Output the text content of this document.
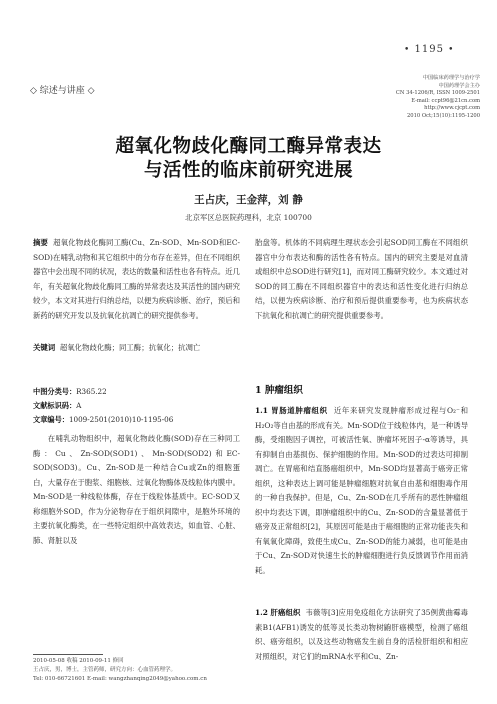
• 1195 •
◇ 综述与讲座 ◇
中国临床药理学与治疗学
中国药理学会主办
CN 34-1206/R, ISSN 1009-2501
E-mail: ccpt96@21cn.com
http://www.cjcpt.com
2010 Oct;15(10):1195-1200
超氧化物歧化酶同工酶异常表达
与活性的临床前研究进展
王占庆，王金萍，刘 静
北京军区总医院药理科，北京 100700
摘要 超氧化物歧化酶同工酶(Cu、Zn-SOD、Mn-SOD和EC-SOD)在哺乳动物和其它组织中的分布存在差异，但在不同组织器官中会出现不同的状况，表达的数量和活性也各有特点。近几年，有关超氧化物歧化酶同工酶的异常表达及其活性的国内研究较少，本文对其进行归纳总结，以便为疾病诊断、治疗，预后和新药的研究开发以及抗氧化抗凋亡的研究提供参考。
关键词 超氧化物歧化酶；同工酶；抗氧化；抗凋亡
中图分类号：R365.22
文献标识码：A
文章编号：1009-2501(2010)10-1195-06
在哺乳动物组织中，超氧化物歧化酶(SOD)存在三种同工酶：Cu、Zn-SOD(SOD1)、Mn-SOD(SOD2)和EC-SOD(SOD3)。Cu、Zn-SOD是一种结合Cu或Zn的细胞蛋白，大量存在于胞浆、细胞核、过氧化物酶体及线粒体内膜中。Mn-SOD是一种线粒体酶，存在于线粒体基质中。EC-SOD又称细胞外SOD，作为分泌物存在于组织间隙中，是胞外环境的主要抗氧化酶类，在一些特定组织中高效表达，如血管、心脏、肺、肾脏以及
2010-05-08 收稿 2010-09-11 修回
王占庆，男，博士，主管药师，研究方向：心血管药理学。
Tel: 010-66721601 E-mail: wangzhanqing2049@yahoo.com.cn
胎盘等。机体的不同病理生理状态会引起SOD同工酶在不同组织器官中分布表达和酶的活性各有特点。国内的研究主要是对血清或组织中总SOD进行研究[1]，而对同工酶研究较少。本文通过对SOD的同工酶在不同组织器官中的表达和活性变化进行归纳总结，以便为疾病诊断、治疗和预后提供重要参考，也为疾病状态下抗氧化和抗凋亡的研究提供重要参考。
1 肿瘤组织
1.1 胃肠道肿瘤组织 近年来研究发现肿瘤形成过程与O₂⁻和H₂O₂等自由基的形成有关。Mn-SOD位于线粒体内，是一种诱导酶，受细胞因子调控，可被活性氧、肿瘤坏死因子-α等诱导，具有抑制自由基损伤、保护细胞的作用。Mn-SOD的过表达可抑制凋亡。在胃癌和结直肠癌组织中，Mn-SOD均显著高于癌旁正常组织，这种表达上调可能是肿瘤细胞对抗氧自由基和细胞毒作用的一种自我保护。但是，Cu、Zn-SOD在几乎所有的恶性肿瘤组织中均表达下调，即肿瘤组织中的Cu、Zn-SOD的含量显著低于癌旁及正常组织[2]，其原因可能是由于癌细胞的正常功能丧失和有氧氧化障碍，致使生成Cu、Zn-SOD的能力减弱，也可能是由于Cu、Zn-SOD对快速生长的肿瘤细胞进行负反馈调节作用而消耗。
1.2 肝癌组织 韦薇等[3]应用免疫组化方法研究了35例黄曲霉毒素B1(AFB1)诱发的低等灵长类动物树鼩肝癌模型，检测了癌组织、癌旁组织，以及这些动物癌发生前自身的活检肝组织和相应对照组织，对它们的mRNA水平和Cu、Zn-
